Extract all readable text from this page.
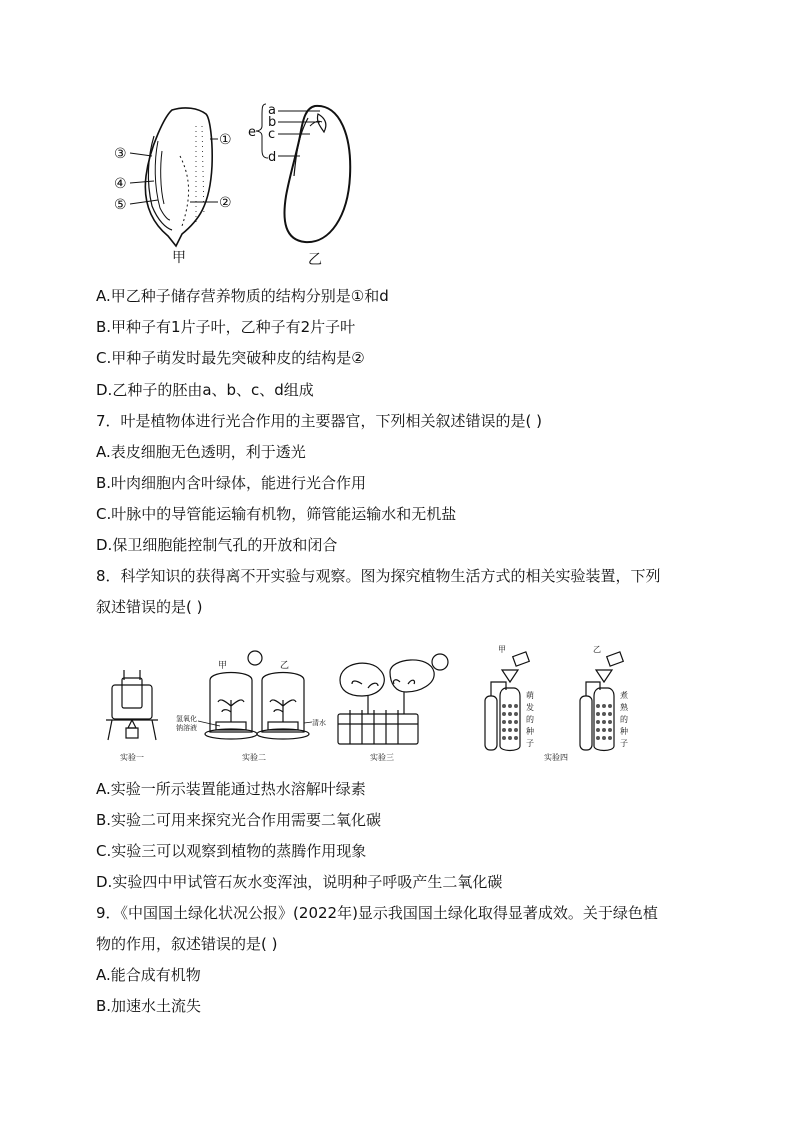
③
④
⑤
①
②
甲
a
b
c
d
e
乙
A.甲乙种子储存营养物质的结构分别是①和d
B.甲种子有1片子叶，乙种子有2片子叶
C.甲种子萌发时最先突破种皮的结构是②
D.乙种子的胚由a、b、c、d组成
7．叶是植物体进行光合作用的主要器官，下列相关叙述错误的是( )
A.表皮细胞无色透明，利于透光
B.叶肉细胞内含叶绿体，能进行光合作用
C.叶脉中的导管能运输有机物，筛管能运输水和无机盐
D.保卫细胞能控制气孔的开放和闭合
8．科学知识的获得离不开实验与观察。图为探究植物生活方式的相关实验装置，下列
叙述错误的是( )
甲	乙
氢氧化
钠溶液
清水
甲	乙
萌
发
的
种
子
煮
熟
的
种
子
实验一	实验二	实验三	实验四
A.实验一所示装置能通过热水溶解叶绿素
B.实验二可用来探究光合作用需要二氧化碳
C.实验三可以观察到植物的蒸腾作用现象
D.实验四中甲试管石灰水变浑浊，说明种子呼吸产生二氧化碳
9．《中国国土绿化状况公报》(2022年)显示我国国土绿化取得显著成效。关于绿色植
物的作用，叙述错误的是( )
A.能合成有机物
B.加速水土流失
